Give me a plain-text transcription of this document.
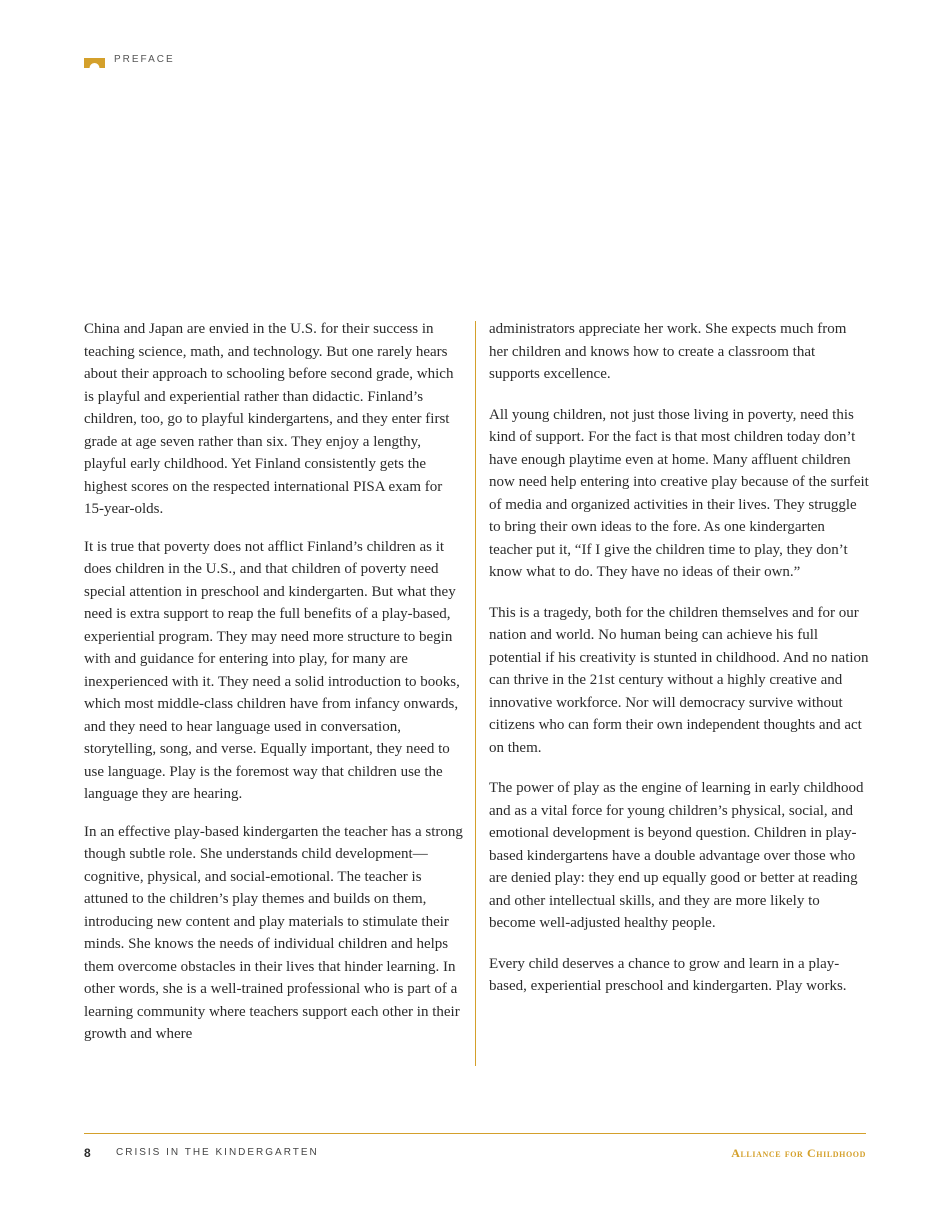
PREFACE

China and Japan are envied in the U.S. for their success in teaching science, math, and technology. But one rarely hears about their approach to schooling before second grade, which is playful and experiential rather than didactic. Finland’s children, too, go to playful kindergartens, and they enter first grade at age seven rather than six. They enjoy a lengthy, playful early childhood. Yet Finland consistently gets the highest scores on the respected international PISA exam for 15-year-olds.

It is true that poverty does not afflict Finland’s children as it does children in the U.S., and that children of poverty need special attention in preschool and kindergarten. But what they need is extra support to reap the full benefits of a play-based, experiential program. They may need more structure to begin with and guidance for entering into play, for many are inexperienced with it. They need a solid introduction to books, which most middle-class children have from infancy onwards, and they need to hear language used in conversation, storytelling, song, and verse. Equally important, they need to use language. Play is the foremost way that children use the language they are hearing.

In an effective play-based kindergarten the teacher has a strong though subtle role. She understands child development—cognitive, physical, and social-emotional. The teacher is attuned to the children’s play themes and builds on them, introducing new content and play materials to stimulate their minds. She knows the needs of individual children and helps them overcome obstacles in their lives that hinder learning. In other words, she is a well-trained professional who is part of a learning community where teachers support each other in their growth and where

administrators appreciate her work. She expects much from her children and knows how to create a classroom that supports excellence.

All young children, not just those living in poverty, need this kind of support. For the fact is that most children today don’t have enough playtime even at home. Many affluent children now need help entering into creative play because of the surfeit of media and organized activities in their lives. They struggle to bring their own ideas to the fore. As one kindergarten teacher put it, “If I give the children time to play, they don’t know what to do. They have no ideas of their own.”

This is a tragedy, both for the children themselves and for our nation and world. No human being can achieve his full potential if his creativity is stunted in childhood. And no nation can thrive in the 21st century without a highly creative and innovative workforce. Nor will democracy survive without citizens who can form their own independent thoughts and act on them.

The power of play as the engine of learning in early childhood and as a vital force for young children’s physical, social, and emotional development is beyond question. Children in play-based kindergartens have a double advantage over those who are denied play: they end up equally good or better at reading and other intellectual skills, and they are more likely to become well-adjusted healthy people.

Every child deserves a chance to grow and learn in a play-based, experiential preschool and kindergarten. Play works.

8	CRISIS IN THE KINDERGARTEN	Alliance for Childhood
